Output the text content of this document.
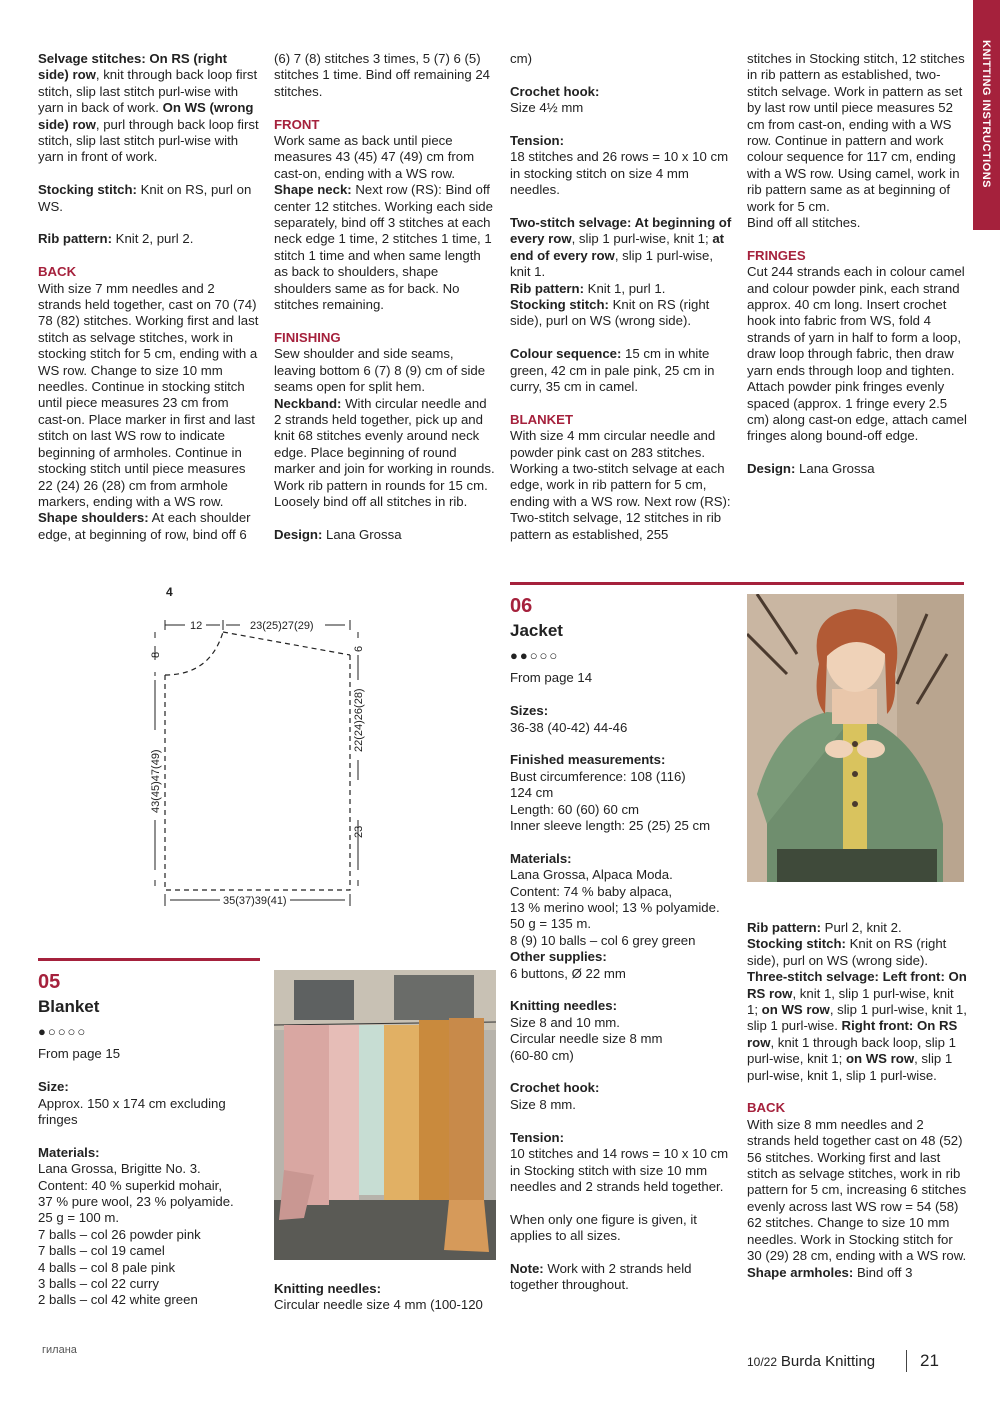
KNITTING INSTRUCTIONS

Selvage stitches: On RS (right side) row, knit through back loop first stitch, slip last stitch purl-wise with yarn in back of work. On WS (wrong side) row, purl through back loop first stitch, slip last stitch purl-wise with yarn in front of work.

Stocking stitch: Knit on RS, purl on WS.

Rib pattern: Knit 2, purl 2.

BACK
With size 7 mm needles and 2 strands held together, cast on 70 (74) 78 (82) stitches. Working first and last stitch as selvage stitches, work in stocking stitch for 5 cm, ending with a WS row. Change to size 10 mm needles. Continue in stocking stitch until piece measures 23 cm from cast-on. Place marker in first and last stitch on last WS row to indicate beginning of armholes. Continue in stocking stitch until piece measures 22 (24) 26 (28) cm from armhole markers, ending with a WS row.
Shape shoulders: At each shoulder edge, at beginning of row, bind off 6

(6) 7 (8) stitches 3 times, 5 (7) 6 (5) stitches 1 time. Bind off remaining 24 stitches.

FRONT
Work same as back until piece measures 43 (45) 47 (49) cm from cast-on, ending with a WS row.
Shape neck: Next row (RS): Bind off center 12 stitches. Working each side separately, bind off 3 stitches at each neck edge 1 time, 2 stitches 1 time, 1 stitch 1 time and when same length as back to shoulders, shape shoulders same as for back. No stitches remaining.

FINISHING
Sew shoulder and side seams, leaving bottom 6 (7) 8 (9) cm of side seams open for split hem.
Neckband: With circular needle and 2 strands held together, pick up and knit 68 stitches evenly around neck edge. Place beginning of round marker and join for working in rounds. Work rib pattern in rounds for 15 cm. Loosely bind off all stitches in rib.

Design: Lana Grossa

cm)

Crochet hook:
Size 4½ mm

Tension:
18 stitches and 26 rows = 10 x 10 cm in stocking stitch on size 4 mm needles.

Two-stitch selvage: At beginning of every row, slip 1 purl-wise, knit 1; at end of every row, slip 1 purl-wise, knit 1.
Rib pattern: Knit 1, purl 1.
Stocking stitch: Knit on RS (right side), purl on WS (wrong side).

Colour sequence: 15 cm in white green, 42 cm in pale pink, 25 cm in curry, 35 cm in camel.

BLANKET
With size 4 mm circular needle and powder pink cast on 283 stitches. Working a two-stitch selvage at each edge, work in rib pattern for 5 cm, ending with a WS row. Next row (RS): Two-stitch selvage, 12 stitches in rib pattern as established, 255

stitches in Stocking stitch, 12 stitches in rib pattern as established, two-stitch selvage. Work in pattern as set by last row until piece measures 52 cm from cast-on, ending with a WS row. Continue in pattern and work colour sequence for 117 cm, ending with a WS row. Using camel, work in rib pattern same as at beginning of work for 5 cm.
Bind off all stitches.

FRINGES
Cut 244 strands each in colour camel and colour powder pink, each strand approx. 40 cm long. Insert crochet hook into fabric from WS, fold 4 strands of yarn in half to form a loop, draw loop through fabric, then draw yarn ends through loop and tighten. Attach powder pink fringes evenly spaced (approx. 1 fringe every 2.5 cm) along cast-on edge, attach camel fringes along bound-off edge.

Design: Lana Grossa

4
12	23(25)27(29)
8
6
22(24)26(28)
23
43(45)47(49)
35(37)39(41)
05
Blanket
●○○○○

From page 15

Size:
Approx. 150 x 174 cm excluding fringes

Materials:
Lana Grossa, Brigitte No. 3.
Content: 40 % superkid mohair,
37 % pure wool, 23 % polyamide.
25 g = 100 m.
7 balls – col 26 powder pink
7 balls – col 19 camel
4 balls – col 8 pale pink
3 balls – col 22 curry
2 balls – col 42 white green

Knitting needles:
Circular needle size 4 mm (100-120
06
Jacket
●●○○○

From page 14

Sizes:
36-38 (40-42) 44-46

Finished measurements:
Bust circumference: 108 (116)
124 cm
Length: 60 (60) 60 cm
Inner sleeve length: 25 (25) 25 cm

Materials:
Lana Grossa, Alpaca Moda.
Content: 74 % baby alpaca,
13 % merino wool; 13 % polyamide.
50 g = 135 m.
8 (9) 10 balls – col 6 grey green
Other supplies:
6 buttons, Ø 22 mm

Knitting needles:
Size 8 and 10 mm.
Circular needle size 8 mm
(60-80 cm)

Crochet hook:
Size 8 mm.

Tension:
10 stitches and 14 rows = 10 x 10 cm in Stocking stitch with size 10 mm needles and 2 strands held together.

When only one figure is given, it applies to all sizes.

Note: Work with 2 strands held together throughout.

Rib pattern: Purl 2, knit 2.
Stocking stitch: Knit on RS (right side), purl on WS (wrong side).
Three-stitch selvage: Left front: On RS row, knit 1, slip 1 purl-wise, knit 1; on WS row, slip 1 purl-wise, knit 1, slip 1 purl-wise. Right front: On RS row, knit 1 through back loop, slip 1 purl-wise, knit 1; on WS row, slip 1 purl-wise, knit 1, slip 1 purl-wise.

BACK
With size 8 mm needles and 2 strands held together cast on 48 (52) 56 stitches. Working first and last stitch as selvage stitches, work in rib pattern for 5 cm, increasing 6 stitches evenly across last WS row = 54 (58) 62 stitches. Change to size 10 mm needles. Work in Stocking stitch for 30 (29) 28 cm, ending with a WS row.
Shape armholes: Bind off 3

гилана
10/22 Burda Knitting	21
